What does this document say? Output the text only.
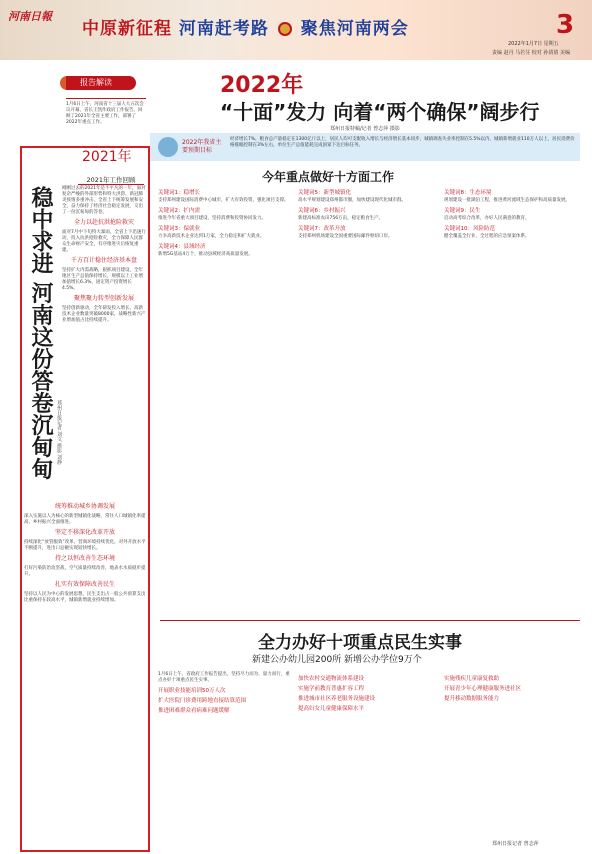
河南日報
中原新征程 河南赶考路 聚焦河南两会	3
2022年1月7日 星期五
责编 赵丹 马若芬 校对 孙倩倩 美编
报告解读
1月6日上午，河南省十三届人大五次会议开幕，省长王凯作政府工作报告。回顾了2021年全省主要工作，部署了2022年重点工作。
2022年
“十面”发力 向着“两个确保”阔步行
郑州日报特稿/记者 曾志萍 摄影
2022年我省主要预期目标
经济增长7%，粮食总产量稳定在1300亿斤以上，居民人均可支配收入增长与经济增长基本同步，城镇调查失业率控制在5.5%以内，城镇新增就业110万人以上，居民消费价格涨幅控制在3%左右，单位生产总值能耗完成国家下达目标任务。
2021年
稳中求进 河南这份答卷沉甸甸 郑州日报记者 刘文 摄影 刘静
2021年工作回顾

刚刚过去的2021年是不平凡的一年，面对复杂严峻的外部形势和特大洪涝、新冠肺炎疫情多重冲击，全省上下统筹发展和安全，奋力保持了经济社会稳定发展，交出了一份沉甸甸的答卷。

全力以赴抗洪抢险救灾

面对7月中下旬特大暴雨，全省上下迅速行动，投入抗洪抢险救灾，全力保障人民群众生命财产安全，有序推进灾后恢复重建。

千方百计稳住经济基本盘

坚持扩大内需战略，狠抓项目建设，全年地区生产总值保持增长，规模以上工业增加值增长6.3%，固定资产投资增长4.5%。

聚焦聚力转型创新发展

坚持创新驱动，全年研发投入增长，高新技术企业数量突破8000家，战略性新兴产业增加值占比持续提升。

统筹推动城乡协调发展

深入实施以人为核心的新型城镇化战略，常住人口城镇化率提高，乡村振兴全面推进。

坚定不移深化改革开放

持续深化“放管服效”改革，营商环境持续优化，对外开放水平不断提升，进出口总额实现较快增长。

持之以恒改善生态环境

打好污染防治攻坚战，空气质量持续改善，地表水水质稳步提升。

扎实有效保障改善民生

坚持以人民为中心的发展思想，民生支出占一般公共预算支出比重保持在较高水平，城镇新增就业持续增加。

今年重点做好十方面工作
关键词1：稳增长

支持郑州建设国际消费中心城市，扩大有效投资，强化项目支撑。

关键词2：扩内需

推进今年省重大项目建设，坚持消费和投资协同发力。

关键词3：保就业

力争高新技术企业达到1万家，全力稳定和扩大就业。

关键词4：县域经济

新增5G基站4万个，推动县域经济高质量发展。

关键词5：新型城镇化

高水平规划建设郑州都市圈，加快建设现代化城市群。

关键词6：乡村振兴

新建高标准农田756万亩，稳定粮食生产。

关键词7：改革开放

支持郑州机场建设全国重要国际邮件枢纽口岸。

关键词8：生态环境

规划建设一批湖泊工程，推进黄河流域生态保护和高质量发展。

关键词9：民生

启动高考综合改革，办好人民满意的教育。

关键词10：风险防范

健全覆盖全行业、全过程的应急预案体系。

全力办好十项重点民生实事
新建公办幼儿园200所 新增公办学位9万个

1月6日上午，省政府工作报告提出，坚持尽力而为、量力而行，重点办好十项重点民生实事。

开展职业技能培训50万人次
扩大医院门诊费用跨地直接结算范围
推进困难群众看病难问题缓解
加快农村交通物流体系建设
实施学前教育普惠扩容工程
推进城市社区养老服务设施建设
提高妇女儿童健康保障水平
实施残疾儿童康复救助
开展青少年心理健康服务进社区
提升移动数据服务能力
郑州日报记者 曾志萍
